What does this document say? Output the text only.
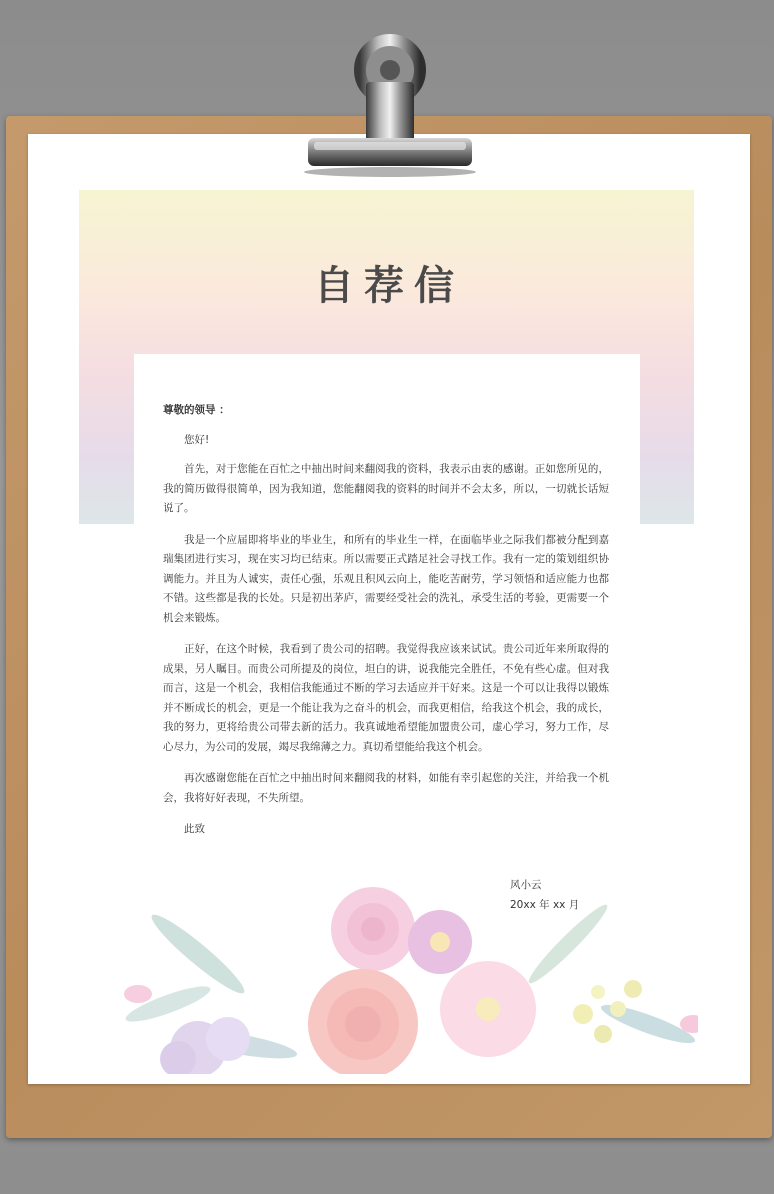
自荐信

尊敬的领导 ：

您好!

首先，对于您能在百忙之中抽出时间来翻阅我的资料，我表示由衷的感谢。正如您所见的，我的简历做得很简单，因为我知道，您能翻阅我的资料的时间并不会太多，所以，一切就长话短说了。

我是一个应届即将毕业的毕业生，和所有的毕业生一样，在面临毕业之际我们都被分配到嘉瑞集团进行实习，现在实习均已结束。所以需要正式踏足社会寻找工作。我有一定的策划组织协调能力。并且为人诚实，责任心强，乐观且积风云向上，能吃苦耐劳，学习领悟和适应能力也都不错。这些都是我的长处。只是初出茅庐，需要经受社会的洗礼，承受生活的考验，更需要一个机会来锻炼。

正好，在这个时候，我看到了贵公司的招聘。我觉得我应该来试试。贵公司近年来所取得的成果，另人瞩目。而贵公司所提及的岗位，坦白的讲，说我能完全胜任，不免有些心虚。但对我而言，这是一个机会，我相信我能通过不断的学习去适应并干好来。这是一个可以让我得以锻炼并不断成长的机会，更是一个能让我为之奋斗的机会，而我更相信，给我这个机会，我的成长，我的努力，更将给贵公司带去新的活力。我真诚地希望能加盟贵公司，虚心学习，努力工作，尽心尽力，为公司的发展，竭尽我绵薄之力。真切希望能给我这个机会。

再次感谢您能在百忙之中抽出时间来翻阅我的材料，如能有幸引起您的关注，并给我一个机会，我将好好表现，不失所望。

此致

风小云
20xx 年 xx 月
